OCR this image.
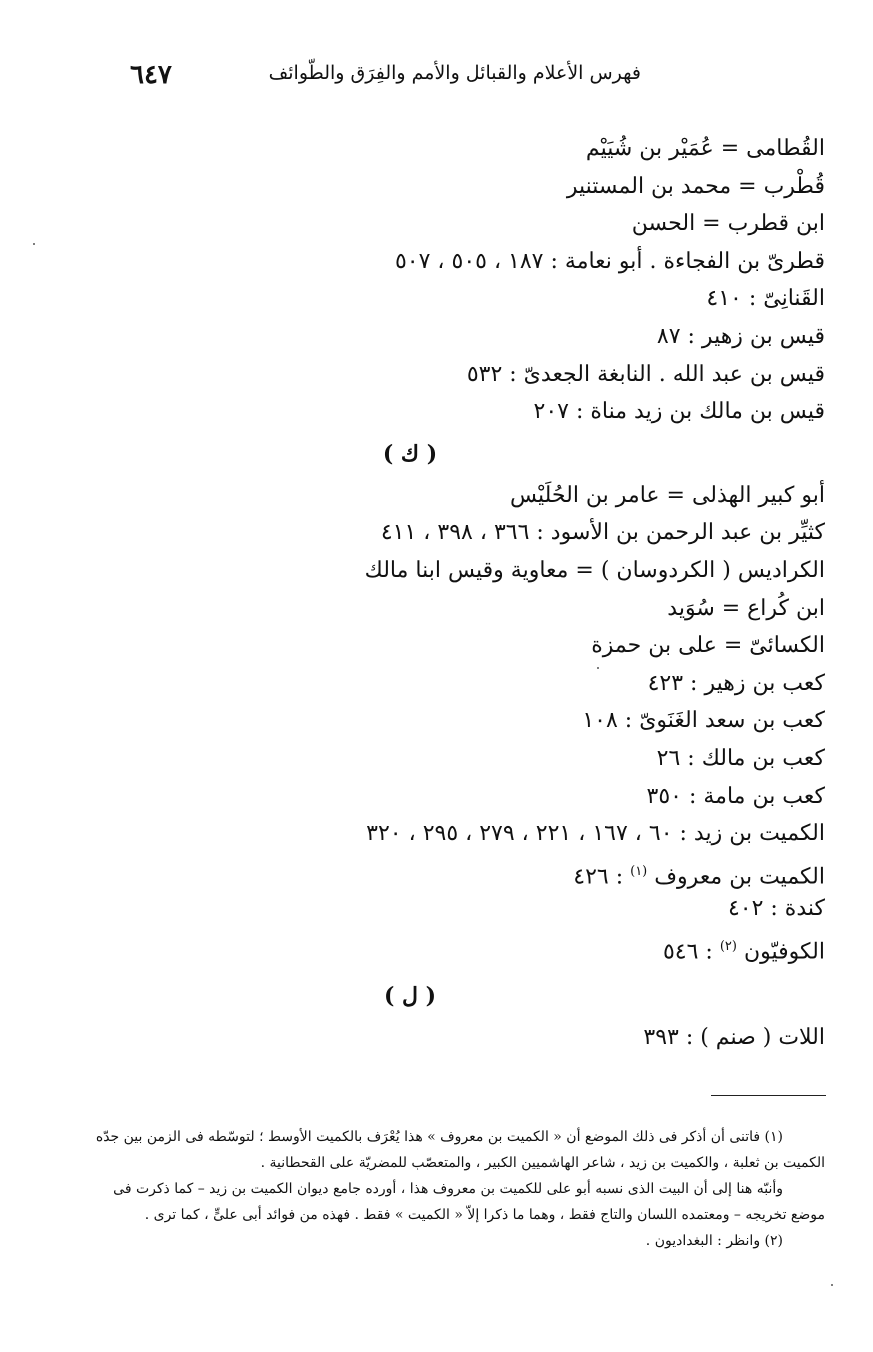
٦٤٧	فهرس الأعلام والقبائل والأمم والفِرَق والطّوائف
القُطامى = عُمَيْر بن شُيَيْم
قُطْرب = محمد بن المستنير
ابن قطرب = الحسن
قطرىّ بن الفجاءة . أبو نعامة : ١٨٧ ، ٥٠٥ ، ٥٠٧
القَنانِىّ : ٤١٠
قيس بن زهير : ٨٧
قيس بن عبد الله . النابغة الجعدىّ : ٥٣٢
قيس بن مالك بن زيد مناة : ٢٠٧
( ك )
أبو كبير الهذلى = عامر بن الحُلَيْس
كثيِّر بن عبد الرحمن بن الأسود : ٣٦٦ ، ٣٩٨ ، ٤١١
الكراديس ( الكردوسان ) = معاوية وقيس ابنا مالك
ابن كُراع = سُوَيد
الكسائىّ = على بن حمزة
كعب بن زهير : ٤٢٣
كعب بن سعد الغَنَوىّ : ١٠٨
كعب بن مالك : ٢٦
كعب بن مامة : ٣٥٠
الكميت بن زيد : ٦٠ ، ١٦٧ ، ٢٢١ ، ٢٧٩ ، ٢٩٥ ، ٣٢٠
الكميت بن معروف $^{(١)}$ : ٤٢٦
كندة : ٤٠٢
الكوفيّون $^{(٢)}$ : ٥٤٦
( ل )
اللات ( صنم ) : ٣٩٣

(١) فاتنى أن أذكر فى ذلك الموضع أن « الكميت بن معروف » هذا يُعْرَف بالكميت الأوسط ؛ لتوسّطه فى الزمن بين جدّه

الكميت بن ثعلبة ، والكميت بن زيد ، شاعر الهاشميين الكبير ، والمتعصّب للمضريّة على القحطانية .

وأنبّه هنا إلى أن البيت الذى نسبه أبو على للكميت بن معروف هذا ، أورده جامع ديوان الكميت بن زيد – كما ذكرت فى

موضع تخريجه – ومعتمده اللسان والتاج فقط ، وهما ما ذكرا إلاّ « الكميت » فقط . فهذه من فوائد أبى علىٍّ ، كما ترى .

(٢) وانظر : البغداديون .
